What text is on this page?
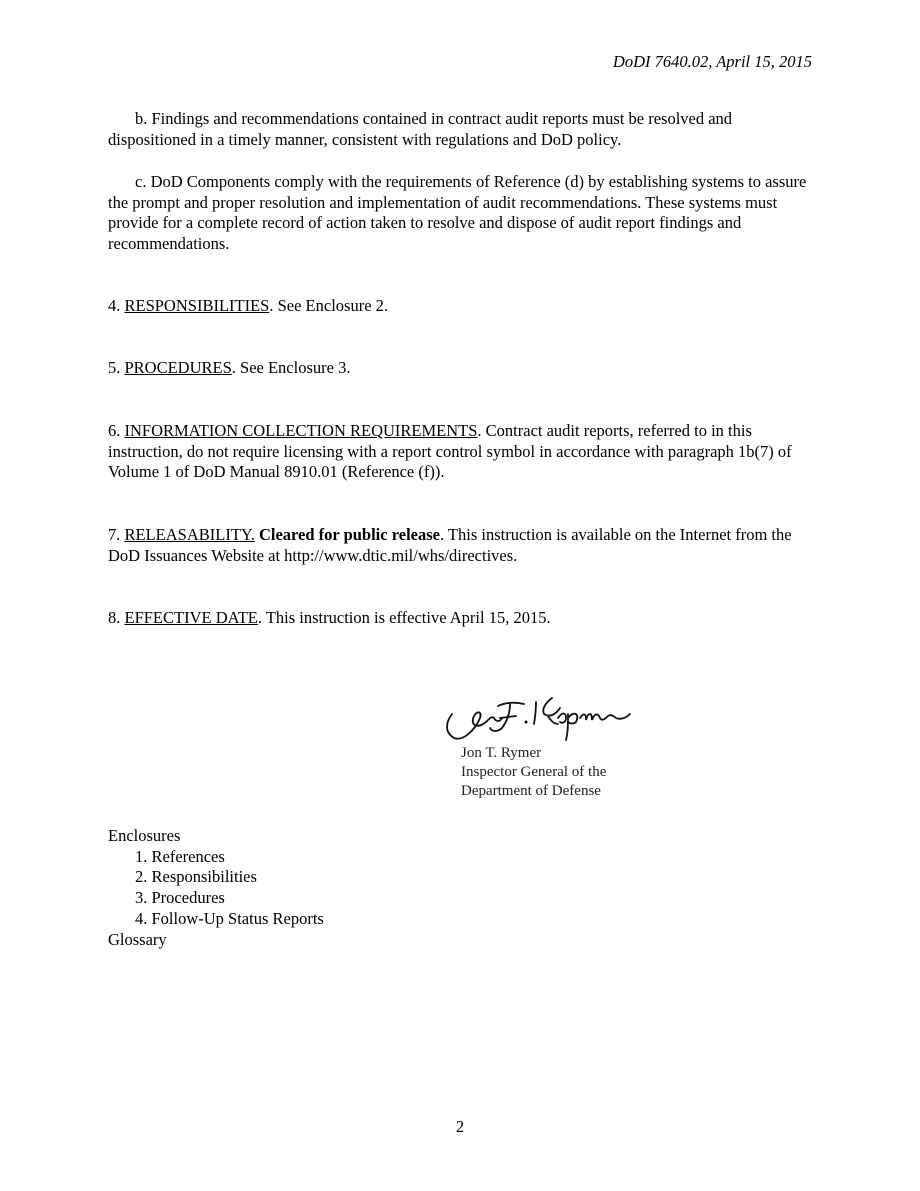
DoDI 7640.02, April 15, 2015
b. Findings and recommendations contained in contract audit reports must be resolved and dispositioned in a timely manner, consistent with regulations and DoD policy.
c. DoD Components comply with the requirements of Reference (d) by establishing systems to assure the prompt and proper resolution and implementation of audit recommendations. These systems must provide for a complete record of action taken to resolve and dispose of audit report findings and recommendations.
4. RESPONSIBILITIES. See Enclosure 2.
5. PROCEDURES. See Enclosure 3.
6. INFORMATION COLLECTION REQUIREMENTS. Contract audit reports, referred to in this instruction, do not require licensing with a report control symbol in accordance with paragraph 1b(7) of Volume 1 of DoD Manual 8910.01 (Reference (f)).
7. RELEASABILITY. Cleared for public release. This instruction is available on the Internet from the DoD Issuances Website at http://www.dtic.mil/whs/directives.
8. EFFECTIVE DATE. This instruction is effective April 15, 2015.
Jon T. Rymer
Inspector General of the
Department of Defense
Enclosures
1. References
2. Responsibilities
3. Procedures
4. Follow-Up Status Reports
Glossary
2
